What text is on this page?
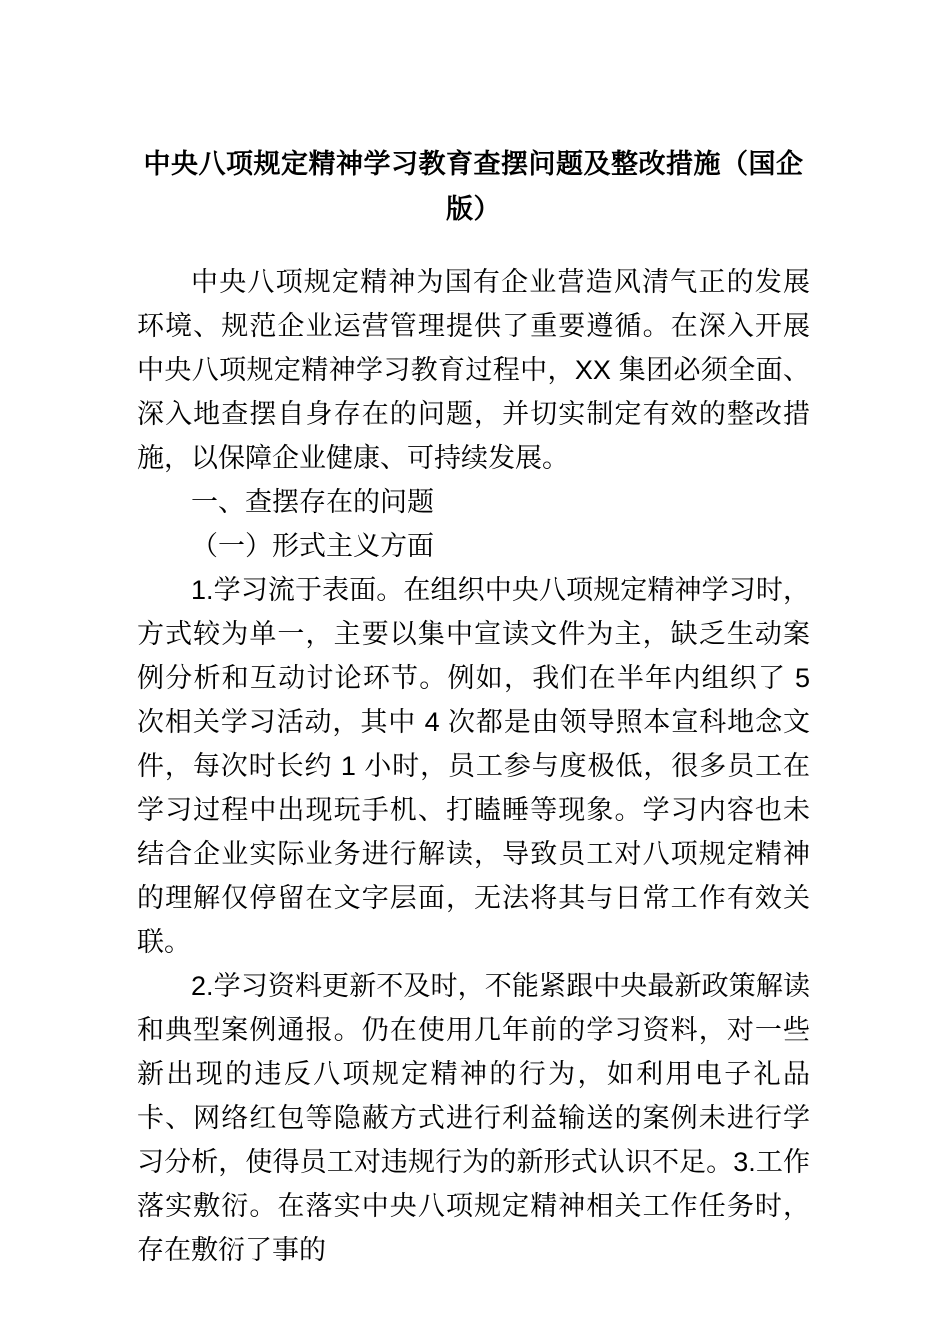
中央八项规定精神学习教育查摆问题及整改措施（国企版）

中央八项规定精神为国有企业营造风清气正的发展环境、规范企业运营管理提供了重要遵循。在深入开展中央八项规定精神学习教育过程中，XX 集团必须全面、深入地查摆自身存在的问题，并切实制定有效的整改措施，以保障企业健康、可持续发展。

一、查摆存在的问题

（一）形式主义方面

1.学习流于表面。在组织中央八项规定精神学习时，方式较为单一，主要以集中宣读文件为主，缺乏生动案例分析和互动讨论环节。例如，我们在半年内组织了 5 次相关学习活动，其中 4 次都是由领导照本宣科地念文件，每次时长约 1 小时，员工参与度极低，很多员工在学习过程中出现玩手机、打瞌睡等现象。学习内容也未结合企业实际业务进行解读，导致员工对八项规定精神的理解仅停留在文字层面，无法将其与日常工作有效关联。

2.学习资料更新不及时，不能紧跟中央最新政策解读和典型案例通报。仍在使用几年前的学习资料，对一些新出现的违反八项规定精神的行为，如利用电子礼品卡、网络红包等隐蔽方式进行利益输送的案例未进行学习分析，使得员工对违规行为的新形式认识不足。3.工作落实敷衍。在落实中央八项规定精神相关工作任务时，存在敷衍了事的
